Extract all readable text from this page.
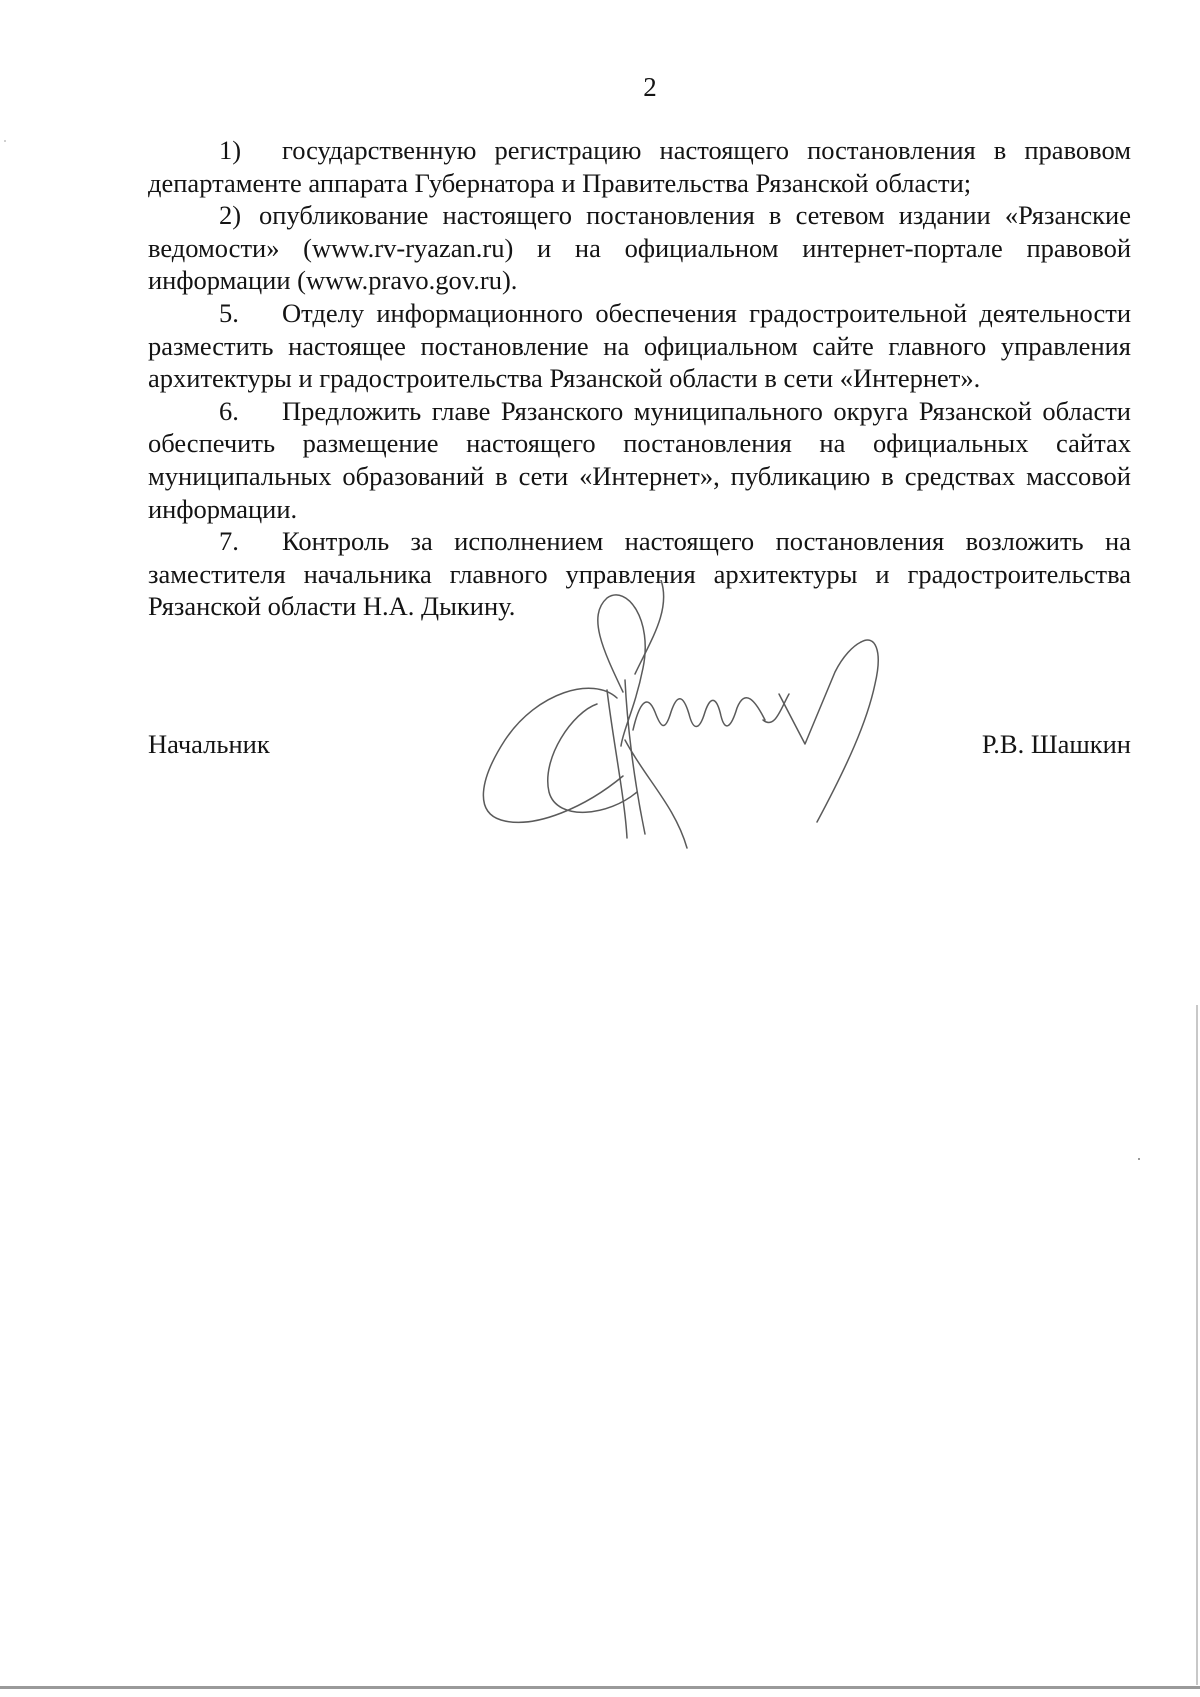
2

1) государственную регистрацию настоящего постановления в правовом департаменте аппарата Губернатора и Правительства Рязанской области;

2) опубликование настоящего постановления в сетевом издании «Рязанские ведомости» (www.rv-ryazan.ru) и на официальном интернет-портале правовой информации (www.pravo.gov.ru).

5. Отделу информационного обеспечения градостроительной деятельности разместить настоящее постановление на официальном сайте главного управления архитектуры и градостроительства Рязанской области в сети «Интернет».

6. Предложить главе Рязанского муниципального округа Рязанской области обеспечить размещение настоящего постановления на официальных сайтах муниципальных образований в сети «Интернет», публикацию в средствах массовой информации.

7. Контроль за исполнением настоящего постановления возложить на заместителя начальника главного управления архитектуры и градостроительства Рязанской области Н.А. Дыкину.

Начальник	Р.В. Шашкин
